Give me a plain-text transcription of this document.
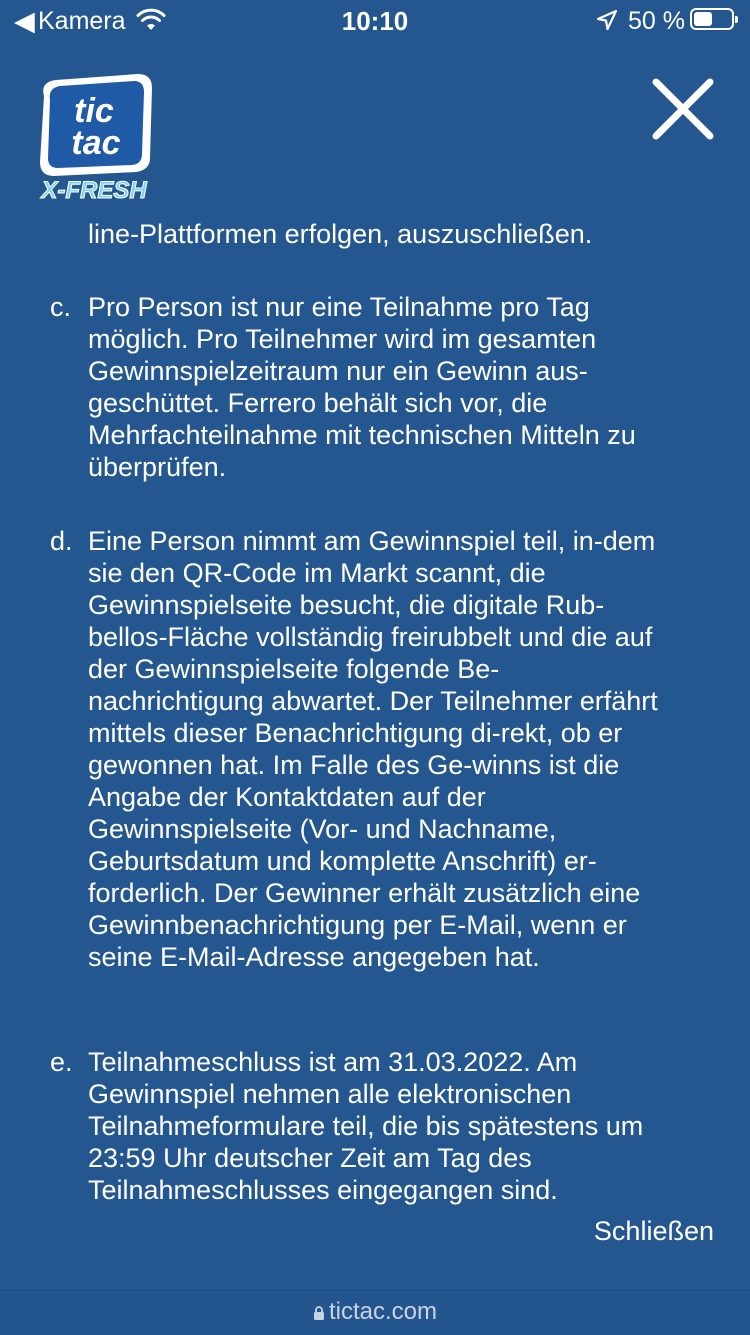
◀ Kamera	10:10	50 %
tic
tac
X-FRESH
line-Plattformen erfolgen, auszuschließen.
c. Pro Person ist nur eine Teilnahme pro Tag möglich. Pro Teilnehmer wird im gesamten Gewinnspielzeitraum nur ein Gewinn aus-geschüttet. Ferrero behält sich vor, die Mehrfachteilnahme mit technischen Mitteln zu überprüfen.
d. Eine Person nimmt am Gewinnspiel teil, in-dem sie den QR-Code im Markt scannt, die Gewinnspielseite besucht, die digitale Rub-bellos-Fläche vollständig freirubbelt und die auf der Gewinnspielseite folgende Be-nachrichtigung abwartet. Der Teilnehmer erfährt mittels dieser Benachrichtigung di-rekt, ob er gewonnen hat. Im Falle des Ge-winns ist die Angabe der Kontaktdaten auf der Gewinnspielseite (Vor- und Nachname, Geburtsdatum und komplette Anschrift) er-forderlich. Der Gewinner erhält zusätzlich eine Gewinnbenachrichtigung per E-Mail, wenn er seine E-Mail-Adresse angegeben hat.
e. Teilnahmeschluss ist am 31.03.2022. Am Gewinnspiel nehmen alle elektronischen Teilnahmeformulare teil, die bis spätestens um 23:59 Uhr deutscher Zeit am Tag des Teilnahmeschlusses eingegangen sind.
Schließen
tictac.com
